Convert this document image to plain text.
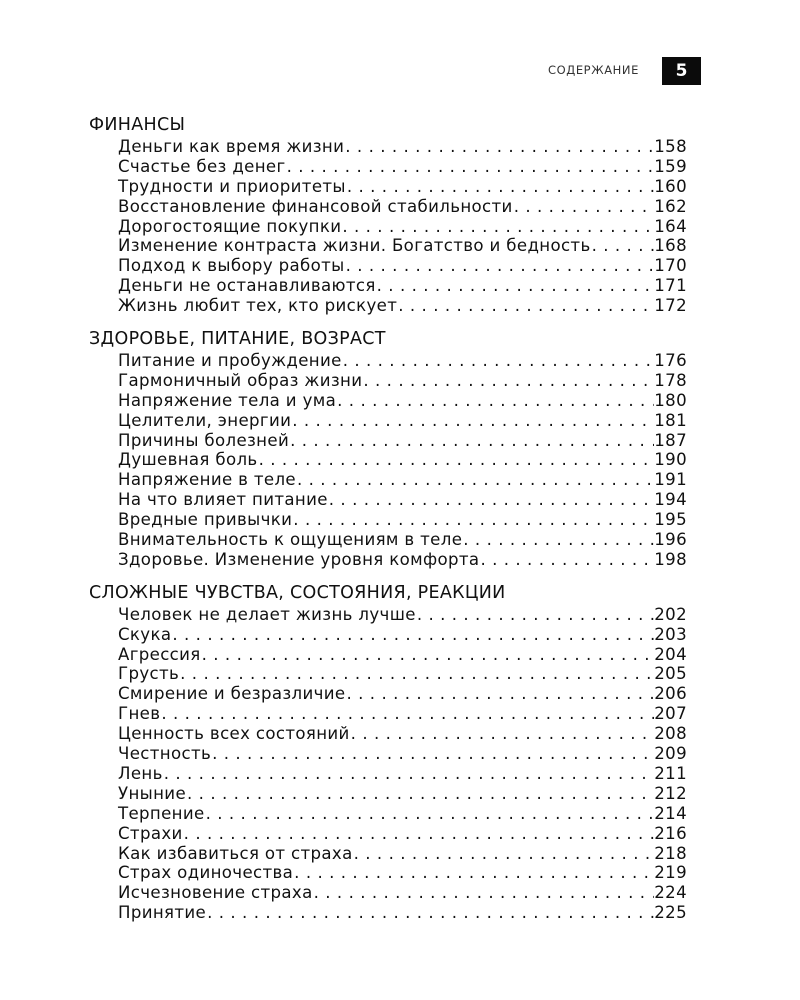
СОДЕРЖАНИЕ 5
ФИНАНСЫ
Деньги как время жизни . . .	158
Счастье без денег . . .	159
Трудности и приоритеты . . .	160
Восстановление финансовой стабильности . . .	162
Дорогостоящие покупки . . .	164
Изменение контраста жизни. Богатство и бедность . . .	168
Подход к выбору работы . . .	170
Деньги не останавливаются . . .	171
Жизнь любит тех, кто рискует . . .	172
ЗДОРОВЬЕ, ПИТАНИЕ, ВОЗРАСТ
Питание и пробуждение . . .	176
Гармоничный образ жизни . . .	178
Напряжение тела и ума . . .	180
Целители, энергии . . .	181
Причины болезней . . .	187
Душевная боль . . .	190
Напряжение в теле . . .	191
На что влияет питание . . .	194
Вредные привычки . . .	195
Внимательность к ощущениям в теле . . .	196
Здоровье. Изменение уровня комфорта . . .	198
СЛОЖНЫЕ ЧУВСТВА, СОСТОЯНИЯ, РЕАКЦИИ
Человек не делает жизнь лучше . . .	202
Скука . . .	203
Агрессия . . .	204
Грусть . . .	205
Смирение и безразличие . . .	206
Гнев . . .	207
Ценность всех состояний . . .	208
Честность . . .	209
Лень . . .	211
Уныние . . .	212
Терпение . . .	214
Страхи . . .	216
Как избавиться от страха . . .	218
Страх одиночества . . .	219
Исчезновение страха . . .	224
Принятие . . .	225
